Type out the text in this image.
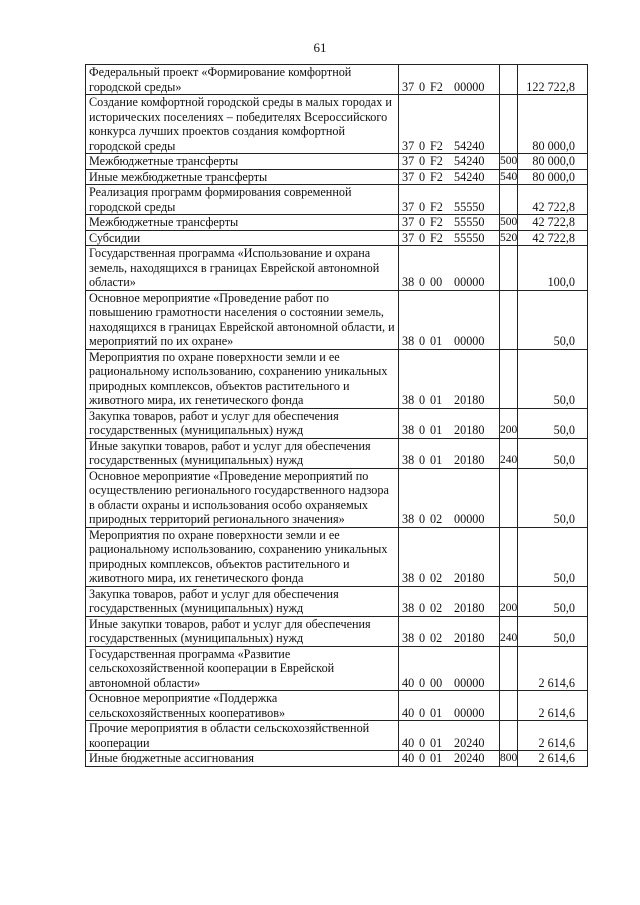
61
Федеральный проект «Формирование комфортной городской среды»	37 0 F2 00000		122 722,8
Создание комфортной городской среды в малых городах и исторических поселениях – победителях Всероссийского конкурса лучших проектов создания комфортной городской среды	37 0 F2 54240		80 000,0
Межбюджетные трансферты	37 0 F2 54240	500	80 000,0
Иные межбюджетные трансферты	37 0 F2 54240	540	80 000,0
Реализация программ формирования современной городской среды	37 0 F2 55550		42 722,8
Межбюджетные трансферты	37 0 F2 55550	500	42 722,8
Субсидии	37 0 F2 55550	520	42 722,8
Государственная программа «Использование и охрана земель, находящихся в границах Еврейской автономной области»	38 0 00 00000		100,0
Основное мероприятие «Проведение работ по повышению грамотности населения о состоянии земель, находящихся в границах Еврейской автономной области, и мероприятий по их охране»	38 0 01 00000		50,0
Мероприятия по охране поверхности земли и ее рациональному использованию, сохранению уникальных природных комплексов, объектов растительного и животного мира, их генетического фонда	38 0 01 20180		50,0
Закупка товаров, работ и услуг для обеспечения государственных (муниципальных) нужд	38 0 01 20180	200	50,0
Иные закупки товаров, работ и услуг для обеспечения государственных (муниципальных) нужд	38 0 01 20180	240	50,0
Основное мероприятие «Проведение мероприятий по осуществлению регионального государственного надзора в области охраны и использования особо охраняемых природных территорий регионального значения»	38 0 02 00000		50,0
Мероприятия по охране поверхности земли и ее рациональному использованию, сохранению уникальных природных комплексов, объектов растительного и животного мира, их генетического фонда	38 0 02 20180		50,0
Закупка товаров, работ и услуг для обеспечения государственных (муниципальных) нужд	38 0 02 20180	200	50,0
Иные закупки товаров, работ и услуг для обеспечения государственных (муниципальных) нужд	38 0 02 20180	240	50,0
Государственная программа «Развитие сельскохозяйственной кооперации в Еврейской автономной области»	40 0 00 00000		2 614,6
Основное мероприятие «Поддержка сельскохозяйственных кооперативов»	40 0 01 00000		2 614,6
Прочие мероприятия в области сельскохозяйственной кооперации	40 0 01 20240		2 614,6
Иные бюджетные ассигнования	40 0 01 20240	800	2 614,6
